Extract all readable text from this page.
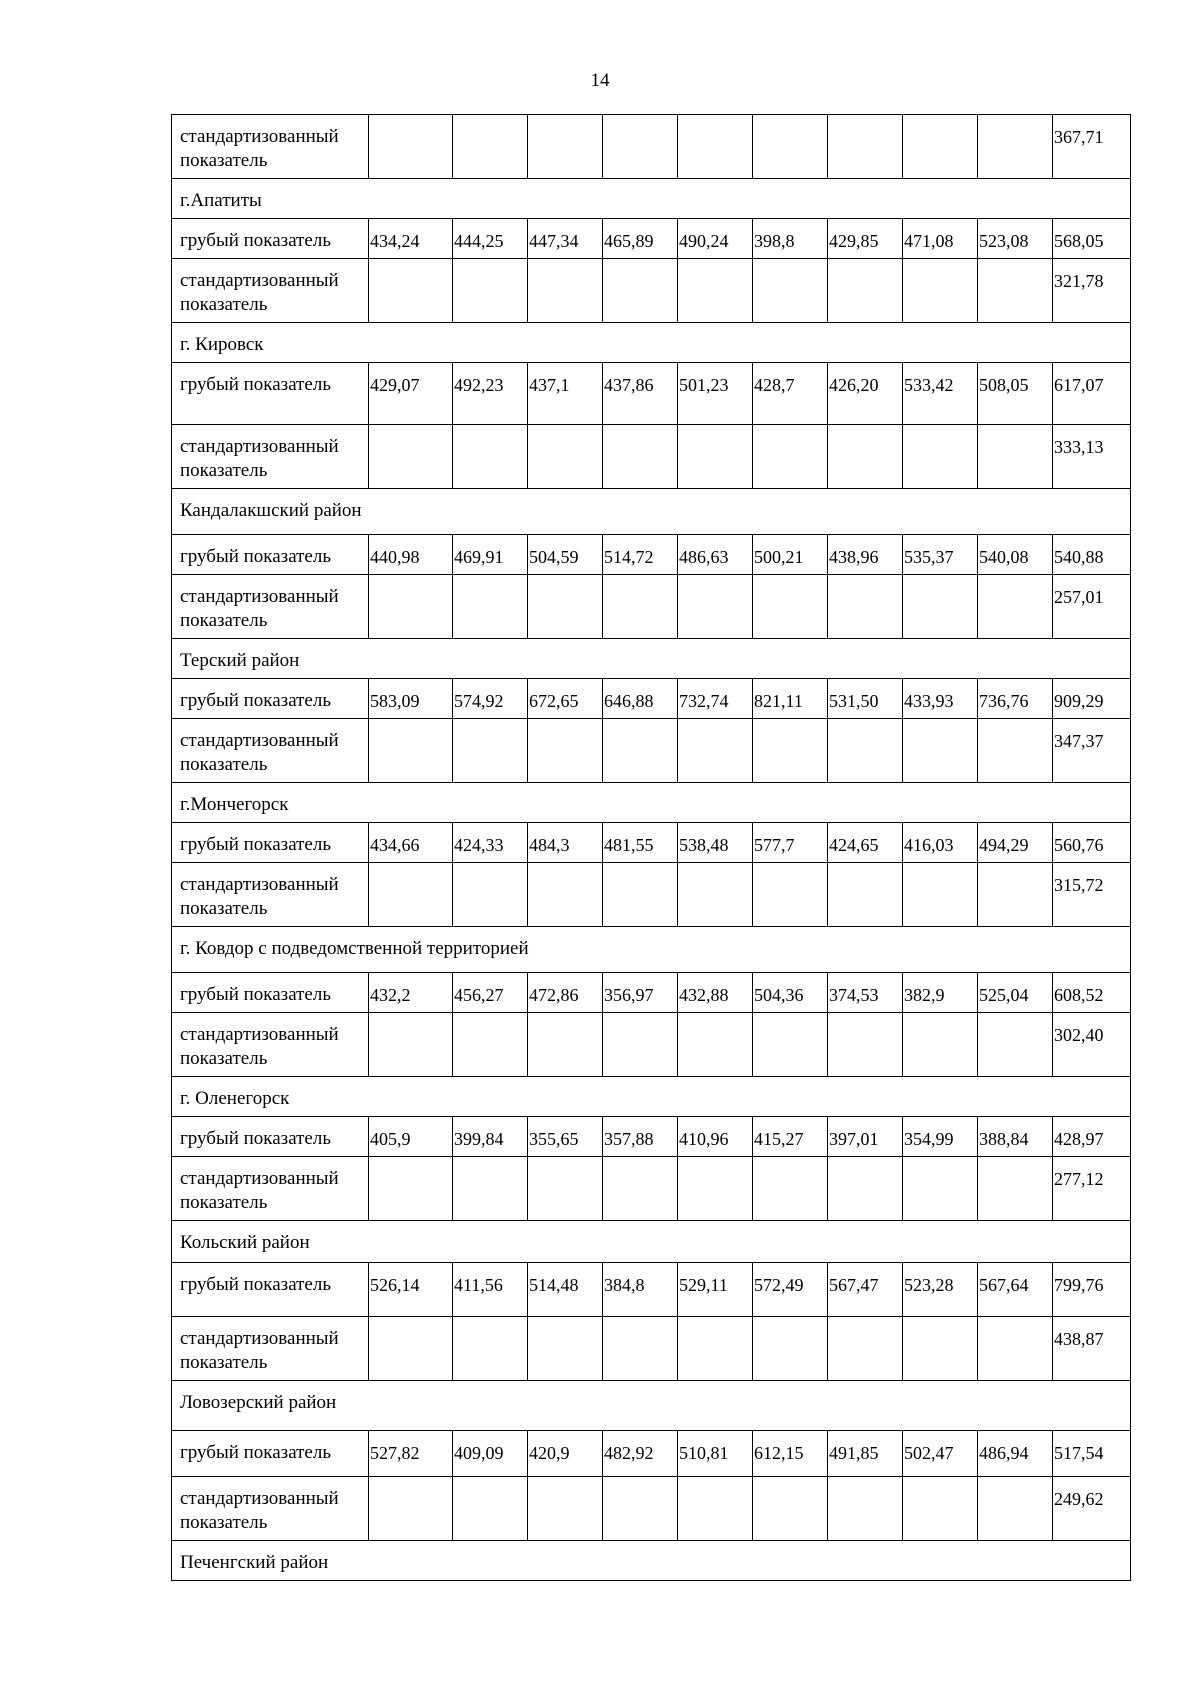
14
стандартизованный показатель										367,71
г.Апатиты										
грубый показатель	434,24	444,25	447,34	465,89	490,24	398,8	429,85	471,08	523,08	568,05
стандартизованный показатель										321,78
г. Кировск										
грубый показатель	429,07	492,23	437,1	437,86	501,23	428,7	426,20	533,42	508,05	617,07
стандартизованный показатель										333,13
Кандалакшский район										
грубый показатель	440,98	469,91	504,59	514,72	486,63	500,21	438,96	535,37	540,08	540,88
стандартизованный показатель										257,01
Терский район										
грубый показатель	583,09	574,92	672,65	646,88	732,74	821,11	531,50	433,93	736,76	909,29
стандартизованный показатель										347,37
г.Мончегорск										
грубый показатель	434,66	424,33	484,3	481,55	538,48	577,7	424,65	416,03	494,29	560,76
стандартизованный показатель										315,72
г. Ковдор с подведомственной территорией										
грубый показатель	432,2	456,27	472,86	356,97	432,88	504,36	374,53	382,9	525,04	608,52
стандартизованный показатель										302,40
г. Оленегорск										
грубый показатель	405,9	399,84	355,65	357,88	410,96	415,27	397,01	354,99	388,84	428,97
стандартизованный показатель										277,12
Кольский район										
грубый показатель	526,14	411,56	514,48	384,8	529,11	572,49	567,47	523,28	567,64	799,76
стандартизованный показатель										438,87
Ловозерский район										
грубый показатель	527,82	409,09	420,9	482,92	510,81	612,15	491,85	502,47	486,94	517,54
стандартизованный показатель										249,62
Печенгский район										
